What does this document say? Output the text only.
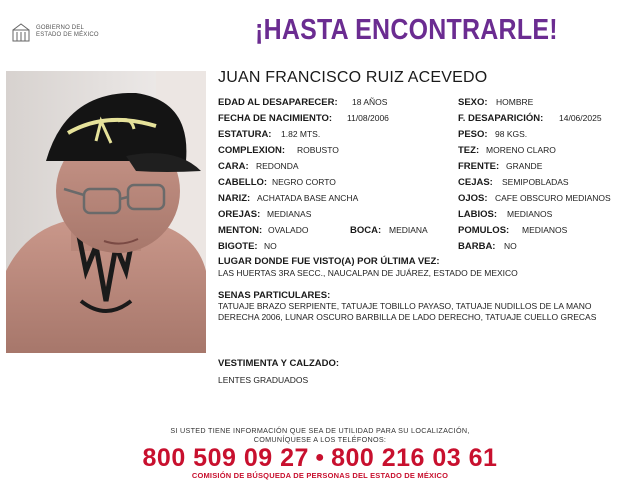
GOBIERNO DEL
ESTADO DE MÉXICO	¡HASTA ENCONTRARLE!
JUAN FRANCISCO RUIZ ACEVEDO
EDAD AL DESAPARECER: 18 AÑOS
FECHA DE NACIMIENTO: 11/08/2006
ESTATURA: 1.82 MTS.
COMPLEXION: ROBUSTO
CARA: REDONDA
CABELLO: NEGRO CORTO
NARIZ: ACHATADA BASE ANCHA
OREJAS: MEDIANAS
MENTON: OVALADO	BOCA: MEDIANA
BIGOTE: NO
SEXO: HOMBRE
F. DESAPARICIÓN: 14/06/2025
PESO: 98 KGS.
TEZ: MORENO CLARO
FRENTE: GRANDE
CEJAS: SEMIPOBLADAS
OJOS: CAFE OBSCURO MEDIANOS
LABIOS: MEDIANOS
POMULOS: MEDIANOS
BARBA: NO
LUGAR DONDE FUE VISTO(A) POR ÚLTIMA VEZ:
LAS HUERTAS 3RA SECC., NAUCALPAN DE JUÁREZ, ESTADO DE MEXICO
SENAS PARTICULARES:
TATUAJE BRAZO SERPIENTE, TATUAJE TOBILLO PAYASO, TATUAJE NUDILLOS DE LA MANO DERECHA 2006, LUNAR OSCURO BARBILLA DE LADO DERECHO, TATUAJE CUELLO GRECAS
VESTIMENTA Y CALZADO:
LENTES GRADUADOS
SI USTED TIENE INFORMACIÓN QUE SEA DE UTILIDAD PARA SU LOCALIZACIÓN,
COMUNÍQUESE A LOS TELÉFONOS:
800 509 09 27 ● 800 216 03 61
COMISIÓN DE BÚSQUEDA DE PERSONAS DEL ESTADO DE MÉXICO
